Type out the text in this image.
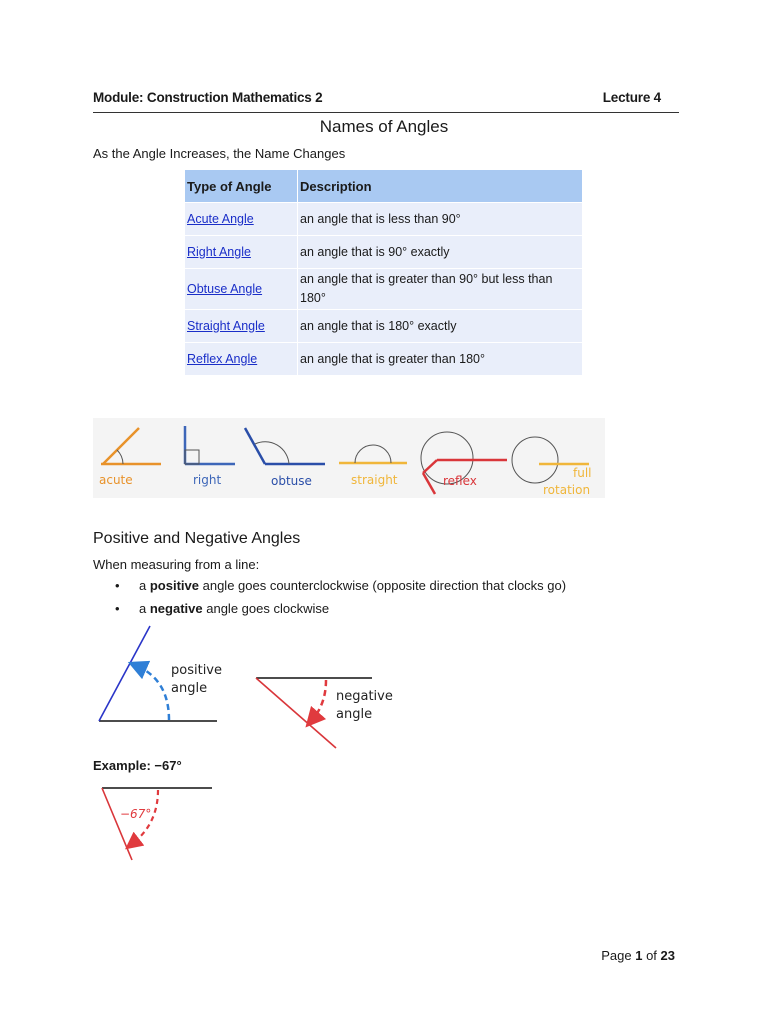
Module: Construction Mathematics 2	Lecture 4
Names of Angles
As the Angle Increases, the Name Changes
Type of Angle	Description
Acute Angle	an angle that is less than 90°
Right Angle	an angle that is 90° exactly
Obtuse Angle	an angle that is greater than 90° but less than 180°
Straight Angle	an angle that is 180° exactly
Reflex Angle	an angle that is greater than 180°
acute	right	obtuse	straight	reflex
full
rotation
Positive and Negative Angles
When measuring from a line:
• a positive angle goes counterclockwise (opposite direction that clocks go)
• a negative angle goes clockwise
positive
angle
negative
angle
Example: −67°
−67°
Page 1 of 23
